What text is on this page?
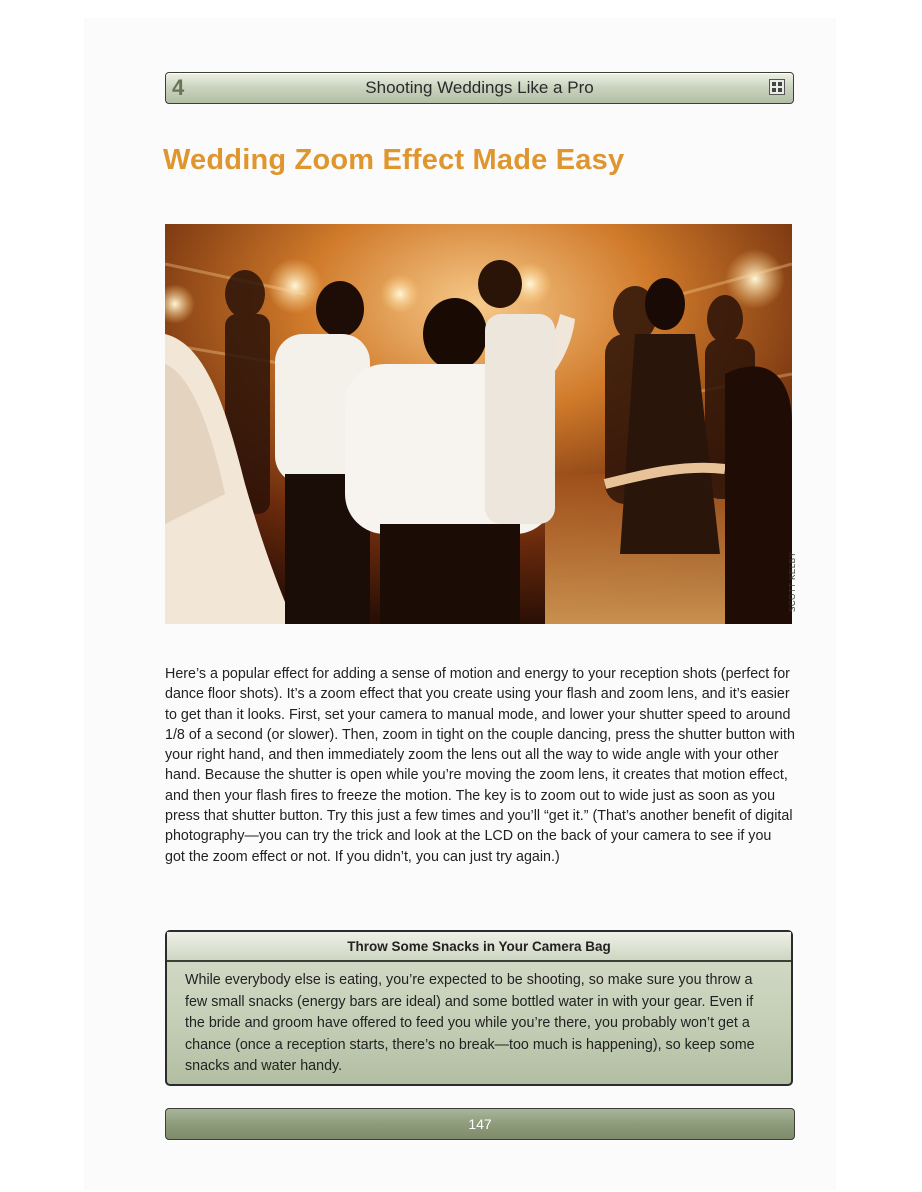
4	Shooting Weddings Like a Pro
Wedding Zoom Effect Made Easy
SCOTT KELBY
Here’s a popular effect for adding a sense of motion and energy to your reception shots (perfect for dance floor shots). It’s a zoom effect that you create using your flash and zoom lens, and it’s easier to get than it looks. First, set your camera to manual mode, and lower your shutter speed to around 1/8 of a second (or slower). Then, zoom in tight on the couple dancing, press the shutter button with your right hand, and then immediately zoom the lens out all the way to wide angle with your other hand. Because the shutter is open while you’re moving the zoom lens, it creates that motion effect, and then your flash fires to freeze the motion. The key is to zoom out to wide just as soon as you press that shutter button. Try this just a few times and you’ll “get it.” (That’s another benefit of digital photography—you can try the trick and look at the LCD on the back of your camera to see if you got the zoom effect or not. If you didn’t, you can just try again.)
Throw Some Snacks in Your Camera Bag
While everybody else is eating, you’re expected to be shooting, so make sure you throw a few small snacks (energy bars are ideal) and some bottled water in with your gear. Even if the bride and groom have offered to feed you while you’re there, you probably won’t get a chance (once a reception starts, there’s no break—too much is happening), so keep some snacks and water handy.
147
